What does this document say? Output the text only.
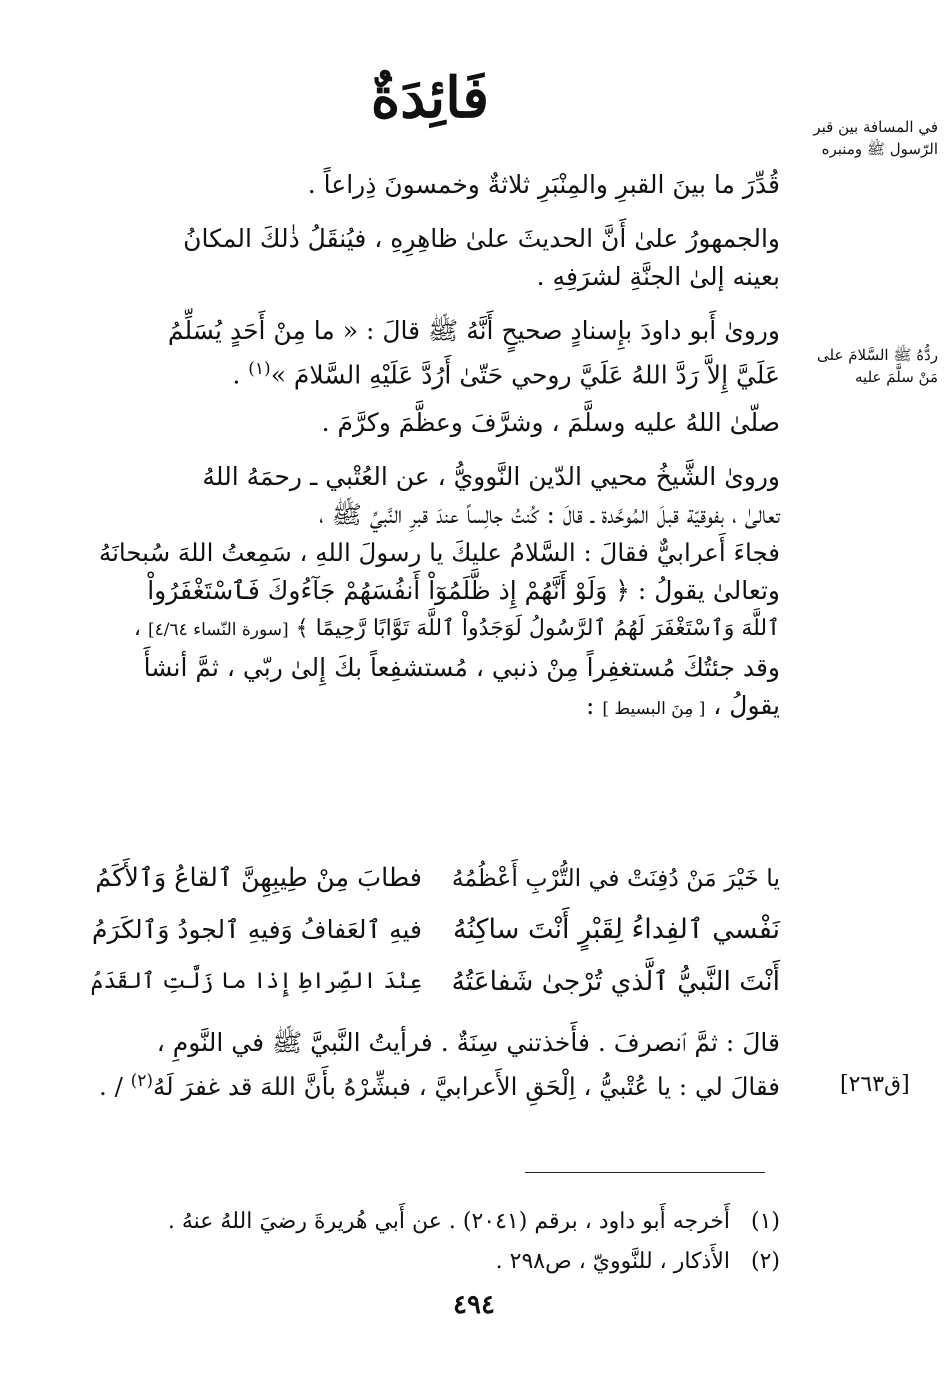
فَائِدَةٌ	في المسافة بين قبر
الرّسول ﷺ ومنبره
ردُّهُ ﷺ السَّلامَ على
مَنْ سلَّمَ عليه
قُدِّرَ ما بينَ القبرِ والمِنْبَرِ ثلاثةٌ وخمسونَ ذِراعاً .
والجمهورُ علىٰ أَنَّ الحديثَ علىٰ ظاهِرِهِ ، فيُنقَلُ ذٰلكَ المكانُ
بعينه إلىٰ الجنَّةِ لشرَفِهِ .
وروىٰ أَبو داودَ بإِسنادٍ صحيحٍ أَنَّهُ ﷺ قالَ : « ما مِنْ أَحَدٍ يُسَلِّمُ
عَلَيَّ إِلاَّ رَدَّ اللهُ عَلَيَّ روحي حَتّىٰ أَرُدَّ عَلَيْهِ السَّلامَ »$^{(١)}$ .
صلّىٰ اللهُ عليه وسلَّمَ ، وشرَّفَ وعظَّمَ وكرَّمَ .
وروىٰ الشَّيخُ محيي الدّين النَّوويُّ ، عن العُتْبي ـ رحمَهُ اللهُ
تعالىٰ ، بفوقيّة قبلَ المُوحَّدة ـ قالَ : كُنتُ جالِساً عندَ قبرِ النَّبيِّ ﷺ ،
فجاءَ أَعرابيٌّ فقالَ : السَّلامُ عليكَ يا رسولَ اللهِ ، سَمِعتُ اللهَ سُبحانَهُ
وتعالىٰ يقولُ : ﴿ وَلَوْ أَنَّهُمْ إِذ ظَّلَمُوٓاْ أَنفُسَهُمْ جَآءُوكَ فَٱسْتَغْفَرُواْ
ٱللَّهَ وَٱسْتَغْفَرَ لَهُمُ ٱلرَّسُولُ لَوَجَدُواْ ٱللَّهَ تَوَّابًا رَّحِيمًا ﴾ [سورة النّساء ٤/٦٤] ،
وقد جئتُكَ مُستغفِراً مِنْ ذنبي ، مُستشفِعاً بكَ إِلىٰ ربّي ، ثمَّ أنشأَ
يقولُ ، [ مِنَ البسيط ] :
يا خَيْرَ مَنْ دُفِنَتْ في التُّرْبِ أَعْظُمُهُ
فطابَ مِنْ طِيبِهِنَّ ٱلقاعُ وَٱلأَكَمُ
نَفْسي ٱلفِداءُ لِقَبْرٍ أَنْتَ ساكِنُهُ
فيهِ ٱلعَفافُ وَفيهِ ٱلجودُ وَٱلكَرَمُ
أَنْتَ النَّبيُّ ٱلَّذي تُرْجىٰ شَفاعَتُهُ
عِنْدَ الصِّراطِ إِذا ما زَلَّتِ ٱلقَدَمُ
قالَ : ثمَّ ٱنصرفَ . فأَخذتني سِنَةٌ . فرأيتُ النَّبيَّ ﷺ في النَّومِ ،
فقالَ لي : يا عُتْبيُّ ، اِلْحَقِ الأَعرابيَّ ، فبشِّرْهُ بأَنَّ اللهَ قد غفرَ لَهُ$^{(٢)}$ / .	[ق٢٦٣]
(١)   أَخرجه أَبو داود ، برقم (٢٠٤١) . عن أَبي هُريرةَ رضيَ اللهُ عنهُ .
(٢)   الأَذكار ، للنَّوويّ ، ص٢٩٨ .
٤٩٤
